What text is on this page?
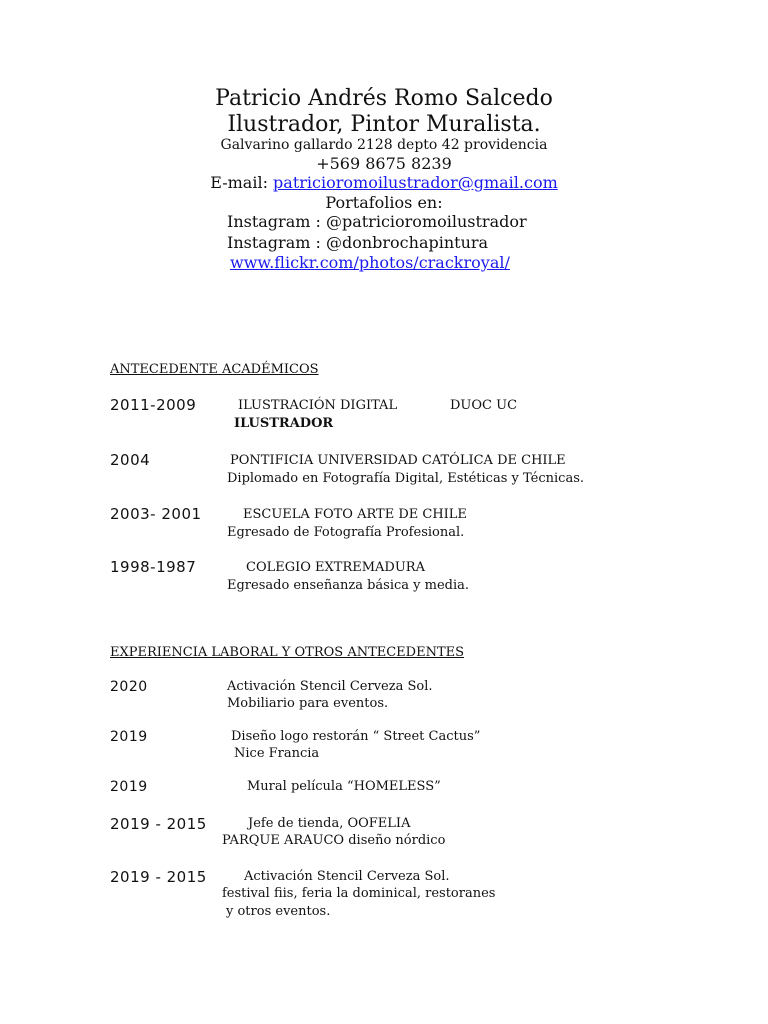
Patricio Andrés Romo Salcedo
Ilustrador, Pintor Muralista.
Galvarino gallardo 2128 depto 42 providencia
+569 8675 8239
E-mail: patricioromoilustrador@gmail.com
Portafolios en:
Instagram : @patricioromoilustrador
Instagram : @donbrochapintura
www.flickr.com/photos/crackroyal/
ANTECEDENTE ACADÉMICOS
2011-2009	ILUSTRACIÓN DIGITAL	DUOC UC
ILUSTRADOR
2004	PONTIFICIA UNIVERSIDAD CATÓLICA DE CHILE
Diplomado en Fotografía Digital, Estéticas y Técnicas.
2003- 2001	ESCUELA FOTO ARTE DE CHILE
Egresado de Fotografía Profesional.
1998-1987	COLEGIO EXTREMADURA
Egresado enseñanza básica y media.
EXPERIENCIA LABORAL Y OTROS ANTECEDENTES
2020	Activación Stencil Cerveza Sol.
Mobiliario para eventos.
2019	Diseño logo restorán “ Street Cactus”
Nice Francia
2019	Mural película “HOMELESS”
2019 - 2015	Jefe de tienda, OOFELIA
PARQUE ARAUCO diseño nórdico
2019 - 2015	Activación Stencil Cerveza Sol.
festival fiis, feria la dominical, restoranes
y otros eventos.
